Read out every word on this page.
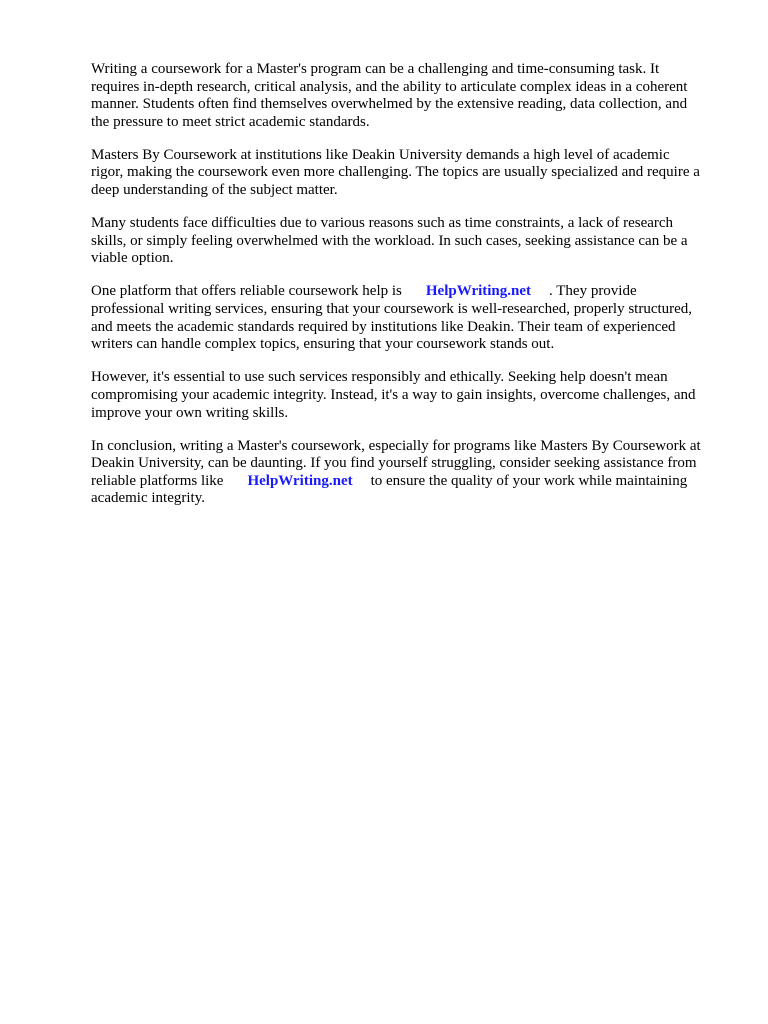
Writing a coursework for a Master's program can be a challenging and time-consuming task. It
requires in-depth research, critical analysis, and the ability to articulate complex ideas in a coherent
manner. Students often find themselves overwhelmed by the extensive reading, data collection, and
the pressure to meet strict academic standards.

Masters By Coursework at institutions like Deakin University demands a high level of academic
rigor, making the coursework even more challenging. The topics are usually specialized and require a
deep understanding of the subject matter.

Many students face difficulties due to various reasons such as time constraints, a lack of research
skills, or simply feeling overwhelmed with the workload. In such cases, seeking assistance can be a
viable option.

One platform that offers reliable coursework help is HelpWriting.net . They provide
professional writing services, ensuring that your coursework is well-researched, properly structured,
and meets the academic standards required by institutions like Deakin. Their team of experienced
writers can handle complex topics, ensuring that your coursework stands out.

However, it's essential to use such services responsibly and ethically. Seeking help doesn't mean
compromising your academic integrity. Instead, it's a way to gain insights, overcome challenges, and
improve your own writing skills.

In conclusion, writing a Master's coursework, especially for programs like Masters By Coursework at
Deakin University, can be daunting. If you find yourself struggling, consider seeking assistance from
reliable platforms like HelpWriting.net to ensure the quality of your work while maintaining
academic integrity.
